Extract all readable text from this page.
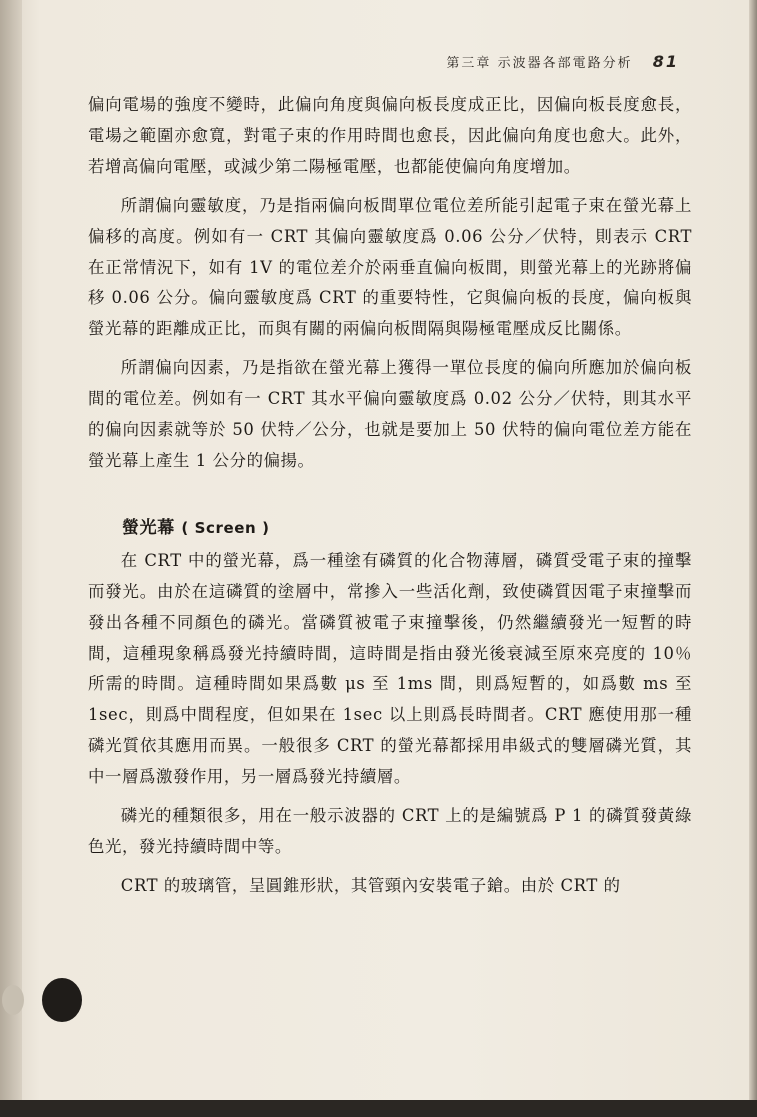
第三章 示波器各部電路分析 81

偏向電場的強度不變時，此偏向角度與偏向板長度成正比，因偏向板長度愈長，電場之範圍亦愈寬，對電子束的作用時間也愈長，因此偏向角度也愈大。此外，若增高偏向電壓，或減少第二陽極電壓，也都能使偏向角度增加。

所謂偏向靈敏度，乃是指兩偏向板間單位電位差所能引起電子束在螢光幕上偏移的高度。例如有一 CRT 其偏向靈敏度爲 0.06 公分／伏特，則表示 CRT 在正常情況下，如有 1V 的電位差介於兩垂直偏向板間，則螢光幕上的光跡將偏移 0.06 公分。偏向靈敏度爲 CRT 的重要特性，它與偏向板的長度，偏向板與螢光幕的距離成正比，而與有關的兩偏向板間隔與陽極電壓成反比關係。

所謂偏向因素，乃是指欲在螢光幕上獲得一單位長度的偏向所應加於偏向板間的電位差。例如有一 CRT 其水平偏向靈敏度爲 0.02 公分／伏特，則其水平的偏向因素就等於 50 伏特／公分，也就是要加上 50 伏特的偏向電位差方能在螢光幕上產生 1 公分的偏揚。

螢光幕 ( Screen )

在 CRT 中的螢光幕，爲一種塗有磷質的化合物薄層，磷質受電子束的撞擊而發光。由於在這磷質的塗層中，常摻入一些活化劑，致使磷質因電子束撞擊而發出各種不同顏色的磷光。當磷質被電子束撞擊後，仍然繼續發光一短暫的時間，這種現象稱爲發光持續時間，這時間是指由發光後衰減至原來亮度的 10％ 所需的時間。這種時間如果爲數 μs 至 1ms 間，則爲短暫的，如爲數 ms 至 1sec，則爲中間程度，但如果在 1sec 以上則爲長時間者。CRT 應使用那一種磷光質依其應用而異。一般很多 CRT 的螢光幕都採用串級式的雙層磷光質，其中一層爲激發作用，另一層爲發光持續層。

磷光的種類很多，用在一般示波器的 CRT 上的是編號爲 P 1 的磷質發黃綠色光，發光持續時間中等。

CRT 的玻璃管，呈圓錐形狀，其管頸內安裝電子鎗。由於 CRT 的
